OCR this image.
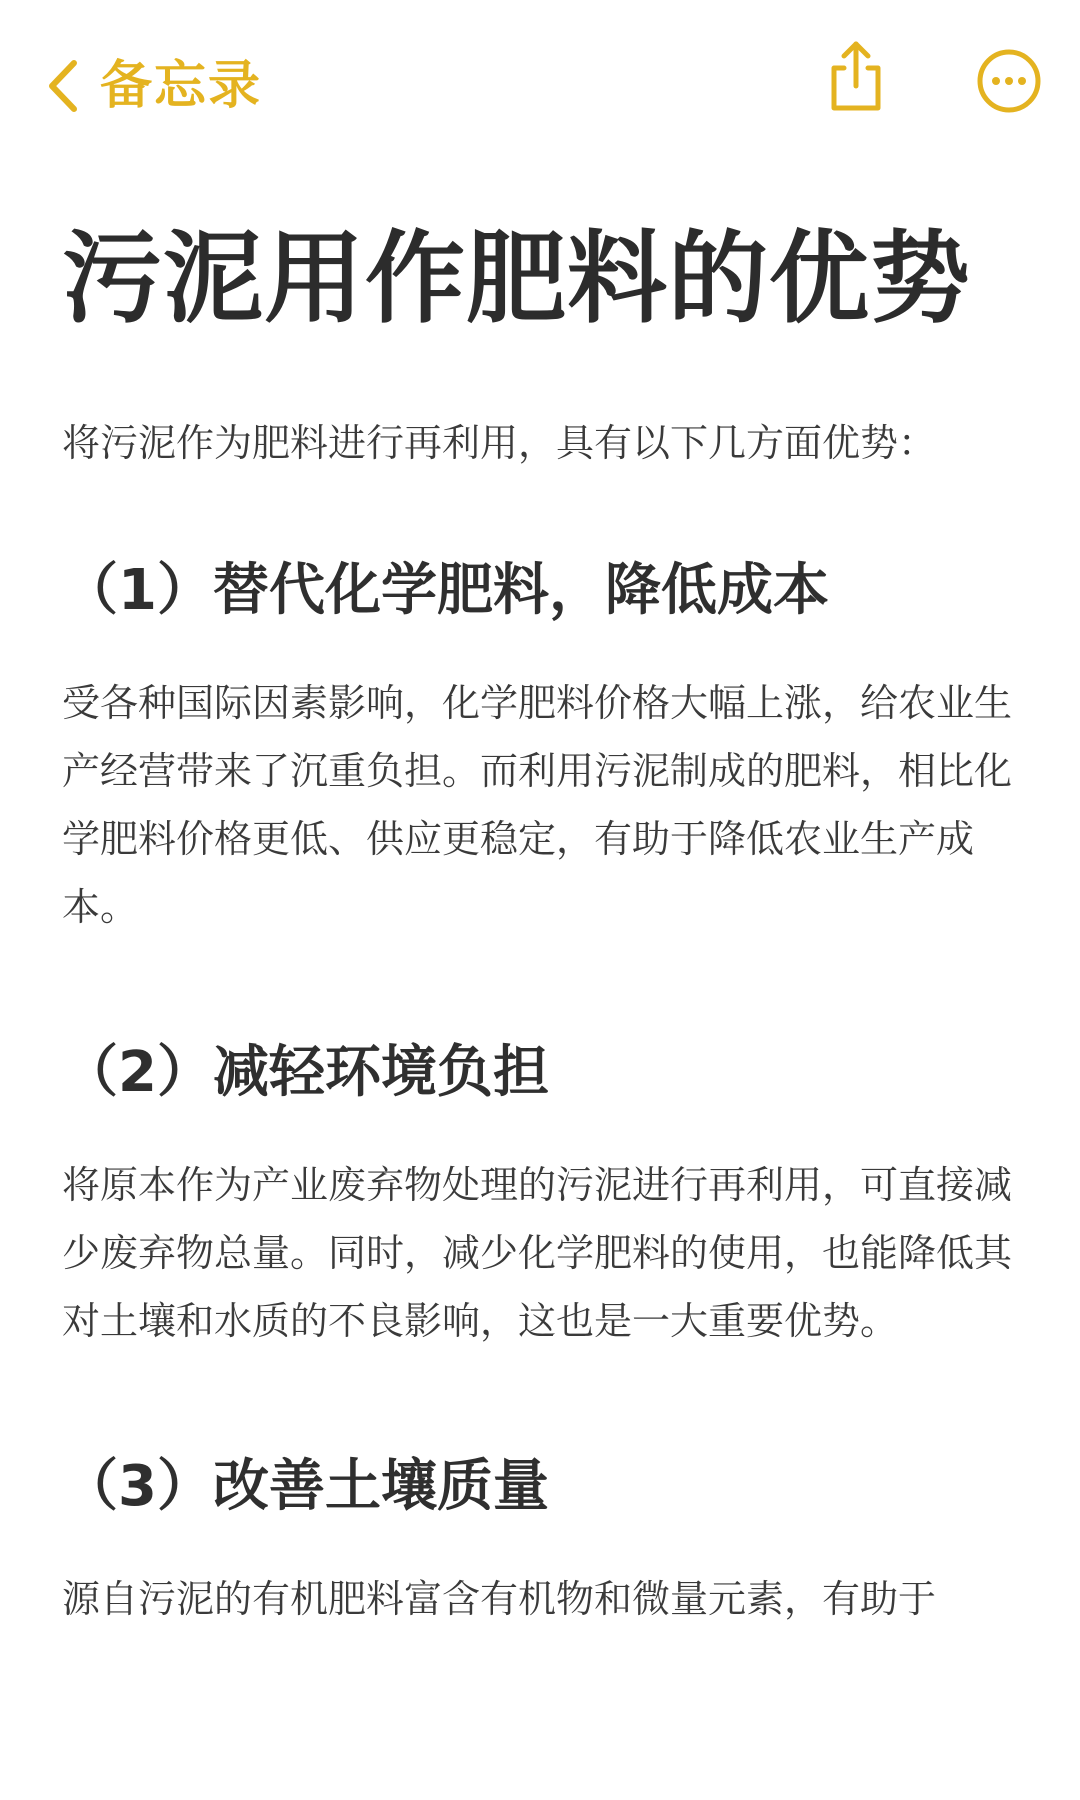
备忘录
污泥用作肥料的优势
将污泥作为肥料进行再利用，具有以下几方面优势：
（1）替代化学肥料，降低成本
受各种国际因素影响，化学肥料价格大幅上涨，给农业生产经营带来了沉重负担。而利用污泥制成的肥料，相比化学肥料价格更低、供应更稳定，有助于降低农业生产成本。
（2）减轻环境负担
将原本作为产业废弃物处理的污泥进行再利用，可直接减少废弃物总量。同时，减少化学肥料的使用，也能降低其对土壤和水质的不良影响，这也是一大重要优势。
（3）改善土壤质量
源自污泥的有机肥料富含有机物和微量元素，有助于
